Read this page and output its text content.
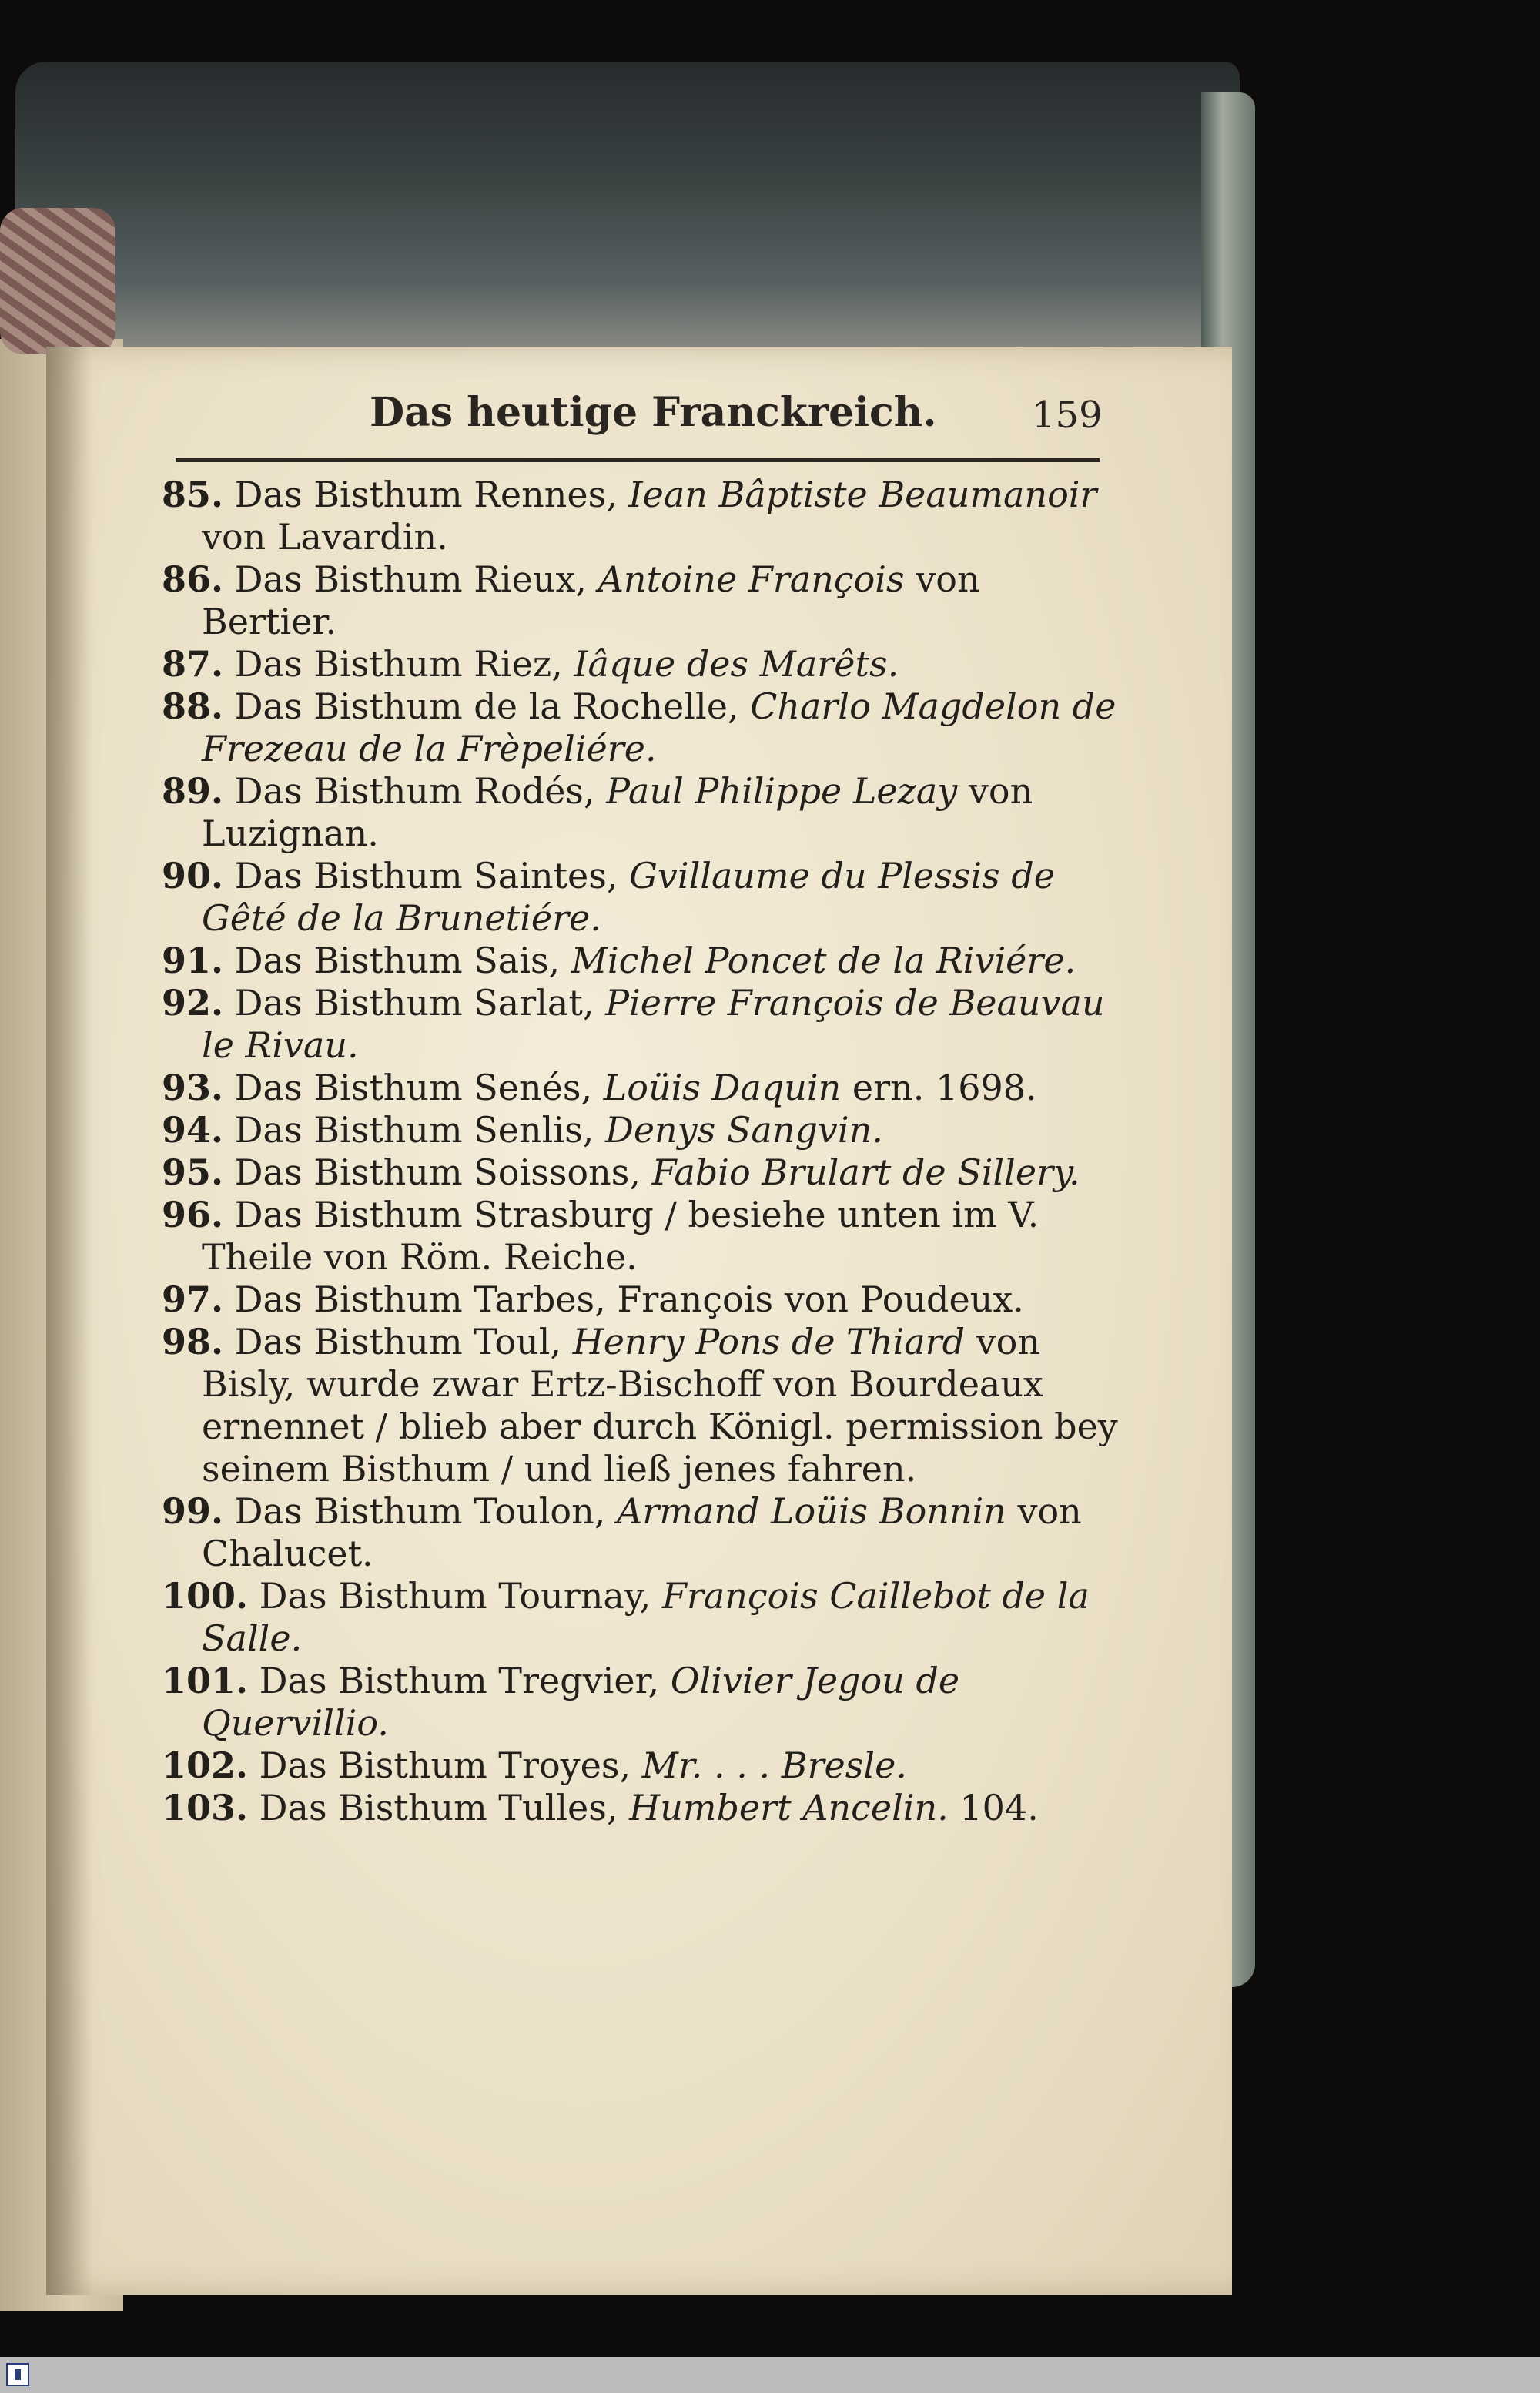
Das heutige Franckreich.	159

85. Das Bisthum Rennes, Iean Bâptiste Beaumanoir von Lavardin.

86. Das Bisthum Rieux, Antoine François von Bertier.

87. Das Bisthum Riez, Iâque des Marêts.

88. Das Bisthum de la Rochelle, Charlo Magdelon de Frezeau de la Frèpeliére.

89. Das Bisthum Rodés, Paul Philippe Lezay von Luzignan.

90. Das Bisthum Saintes, Gvillaume du Plessis de Gêté de la Brunetiére.

91. Das Bisthum Sais, Michel Poncet de la Riviére.

92. Das Bisthum Sarlat, Pierre François de Beauvau le Rivau.

93. Das Bisthum Senés, Loüis Daquin ern. 1698.

94. Das Bisthum Senlis, Denys Sangvin.

95. Das Bisthum Soissons, Fabio Brulart de Sillery.

96. Das Bisthum Strasburg / besiehe unten im V. Theile von Röm. Reiche.

97. Das Bisthum Tarbes, François von Poudeux.

98. Das Bisthum Toul, Henry Pons de Thiard von Bisly, wurde zwar Ertz-Bischoff von Bourdeaux ernennet / blieb aber durch Königl. permission bey seinem Bisthum / und ließ jenes fahren.

99. Das Bisthum Toulon, Armand Loüis Bonnin von Chalucet.

100. Das Bisthum Tournay, François Caillebot de la Salle.

101. Das Bisthum Tregvier, Olivier Jegou de Quervillio.

102. Das Bisthum Troyes, Mr. . . . Bresle.

103. Das Bisthum Tulles, Humbert Ancelin. 104.
